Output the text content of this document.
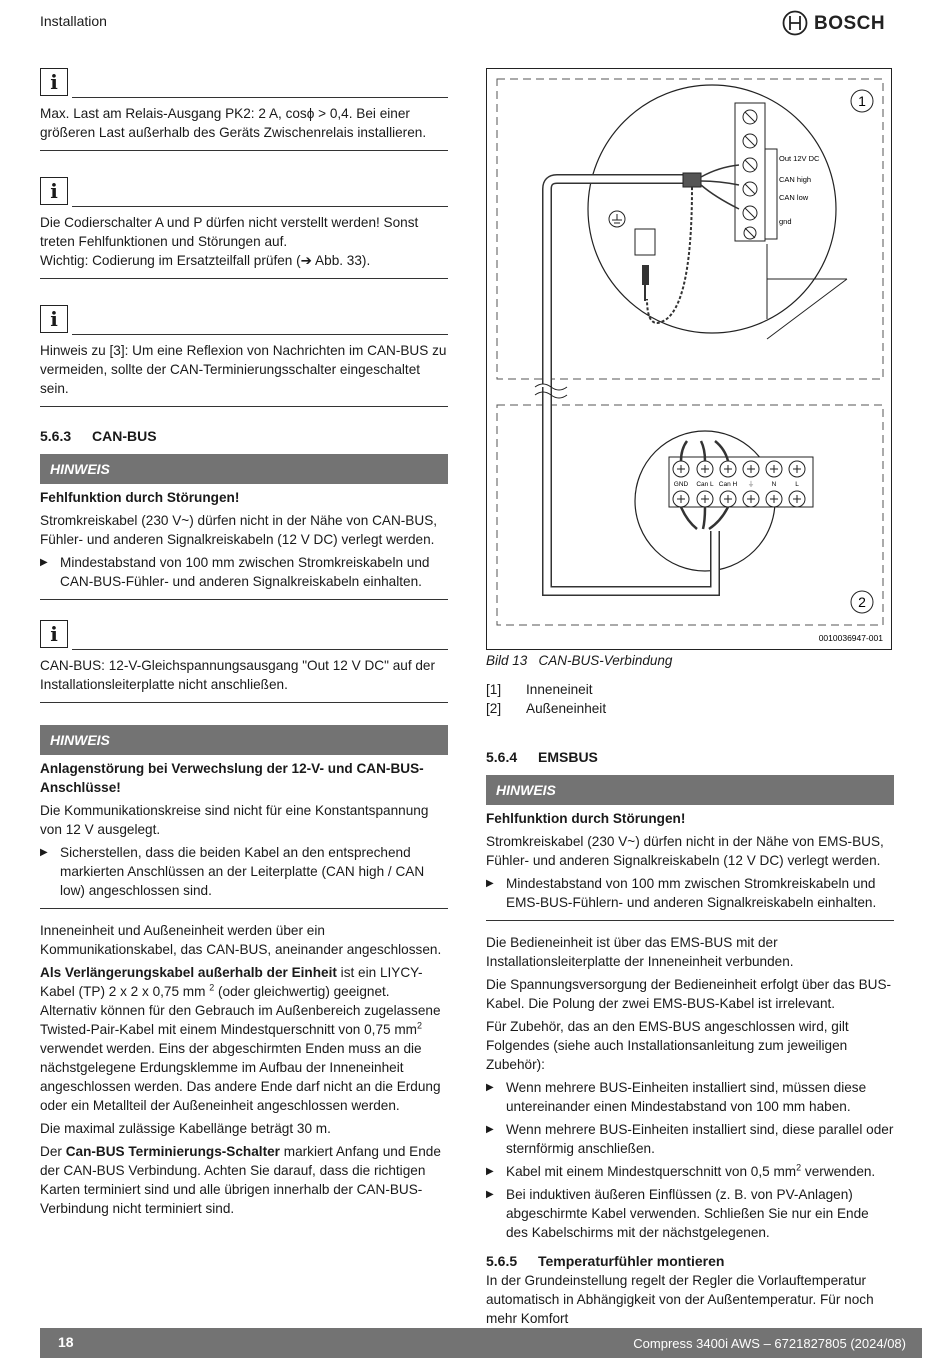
Installation	BOSCH
i

Max. Last am Relais-Ausgang PK2: 2 A, cosϕ > 0,4. Bei einer größeren Last außerhalb des Geräts Zwischenrelais installieren.

i

Die Codierschalter A und P dürfen nicht verstellt werden! Sonst treten Fehlfunktionen und Störungen auf.

Wichtig: Codierung im Ersatzteilfall prüfen (➔ Abb. 33).

i

Hinweis zu [3]: Um eine Reflexion von Nachrichten im CAN-BUS zu vermeiden, sollte der CAN-Terminierungsschalter eingeschaltet sein.

5.6.3 CAN-BUS
HINWEIS

Fehlfunktion durch Störungen!

Stromkreiskabel (230 V~) dürfen nicht in der Nähe von CAN-BUS, Fühler- und anderen Signalkreiskabeln (12 V DC) verlegt werden.

▶ Mindestabstand von 100 mm zwischen Stromkreiskabeln und CAN-BUS-Fühler- und anderen Signalkreiskabeln einhalten.
i

CAN-BUS: 12-V-Gleichspannungsausgang "Out 12 V DC" auf der Installationsleiterplatte nicht anschließen.

HINWEIS

Anlagenstörung bei Verwechslung der 12-V- und CAN-BUS-Anschlüsse!

Die Kommunikationskreise sind nicht für eine Konstantspannung von 12 V ausgelegt.

▶ Sicherstellen, dass die beiden Kabel an den entsprechend markierten Anschlüssen an der Leiterplatte (CAN high / CAN low) angeschlossen sind.

Inneneinheit und Außeneinheit werden über ein Kommunikationskabel, das CAN-BUS, aneinander angeschlossen.

Als Verlängerungskabel außerhalb der Einheit ist ein LIYCY-Kabel (TP) 2 x 2 x 0,75 mm $^2$ (oder gleichwertig) geeignet. Alternativ können für den Gebrauch im Außenbereich zugelassene Twisted-Pair-Kabel mit einem Mindestquerschnitt von 0,75 $mm^2$ verwendet werden. Eins der abgeschirmten Enden muss an die nächstgelegene Erdungsklemme im Aufbau der Inneneinheit angeschlossen werden. Das andere Ende darf nicht an die Erdung oder ein Metallteil der Außeneinheit angeschlossen werden.

Die maximal zulässige Kabellänge beträgt 30 m.

Der Can-BUS Terminierungs-Schalter markiert Anfang und Ende der CAN-BUS Verbindung. Achten Sie darauf, dass die richtigen Karten terminiert sind und alle übrigen innerhalb der CAN-BUS-Verbindung nicht terminiert sind.

Out 12V DC
CAN high
CAN low
gnd
1
GND Can L Can H ⏚	N	L
2
0010036947-001

Bild 13 CAN-BUS-Verbindung

[1]	Inneneineit
[2]	Außeneinheit
5.6.4 EMSBUS
HINWEIS

Fehlfunktion durch Störungen!

Stromkreiskabel (230 V~) dürfen nicht in der Nähe von EMS-BUS, Fühler- und anderen Signalkreiskabeln (12 V DC) verlegt werden.

▶ Mindestabstand von 100 mm zwischen Stromkreiskabeln und EMS-BUS-Fühlern- und anderen Signalkreiskabeln einhalten.

Die Bedieneinheit ist über das EMS-BUS mit der Installationsleiterplatte der Inneneinheit verbunden.

Die Spannungsversorgung der Bedieneinheit erfolgt über das BUS-Kabel. Die Polung der zwei EMS-BUS-Kabel ist irrelevant.

Für Zubehör, das an den EMS-BUS angeschlossen wird, gilt Folgendes (siehe auch Installationsanleitung zum jeweiligen Zubehör):

▶ Wenn mehrere BUS-Einheiten installiert sind, müssen diese untereinander einen Mindestabstand von 100 mm haben.
▶ Wenn mehrere BUS-Einheiten installiert sind, diese parallel oder sternförmig anschließen.
▶ Kabel mit einem Mindestquerschnitt von 0,5 $mm^2$ verwenden.
▶ Bei induktiven äußeren Einflüssen (z. B. von PV-Anlagen) abgeschirmte Kabel verwenden. Schließen Sie nur ein Ende des Kabelschirms mit der nächstgelegenen.
5.6.5 Temperaturfühler montieren

In der Grundeinstellung regelt der Regler die Vorlauftemperatur automatisch in Abhängigkeit von der Außentemperatur. Für noch mehr Komfort

18	Compress 3400i AWS – 6721827805 (2024/08)
